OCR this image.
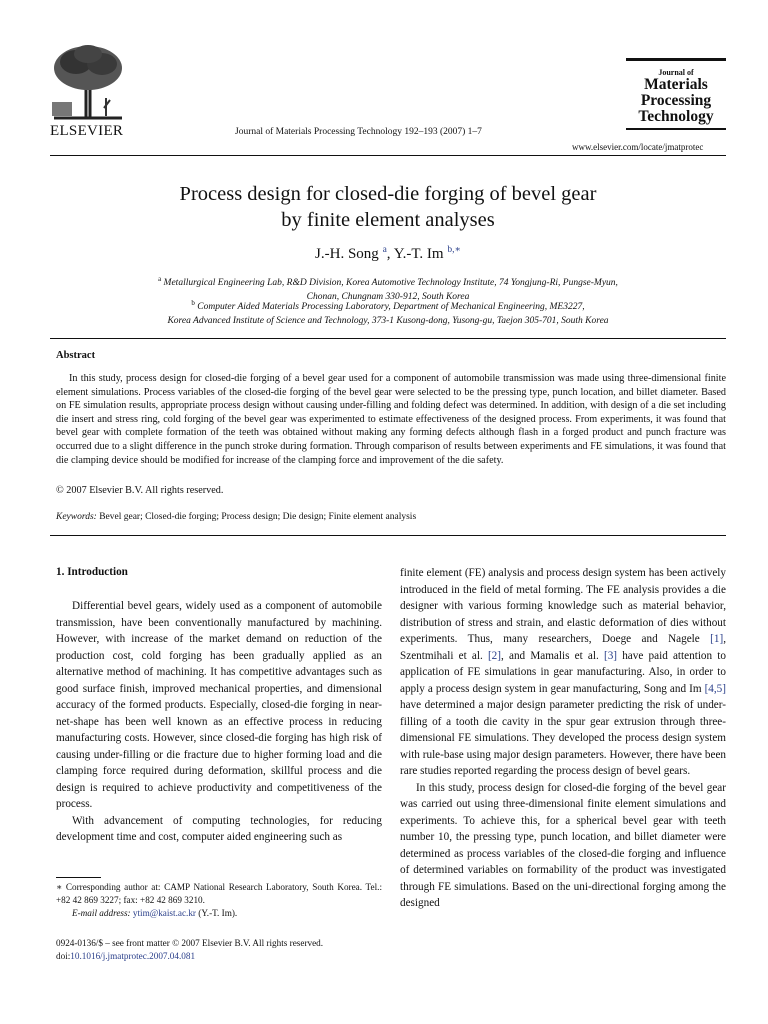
ELSEVIER	Journal of Materials Processing Technology 192–193 (2007) 1–7
Journal of
Materials
Processing
Technology
www.elsevier.com/locate/jmatprotec
Process design for closed-die forging of bevel gear
by finite element analyses
J.-H. Song $^a$, Y.-T. Im $^{b,∗}$
$^a$ Metallurgical Engineering Lab, R&D Division, Korea Automotive Technology Institute, 74 Yongjung-Ri, Pungse-Myun,
Chonan, Chungnam 330-912, South Korea
$^b$ Computer Aided Materials Processing Laboratory, Department of Mechanical Engineering, ME3227,
Korea Advanced Institute of Science and Technology, 373-1 Kusong-dong, Yusong-gu, Taejon 305-701, South Korea
Abstract

In this study, process design for closed-die forging of a bevel gear used for a component of automobile transmission was made using three-dimensional finite element simulations. Process variables of the closed-die forging of the bevel gear were selected to be the pressing type, punch location, and billet diameter. Based on FE simulation results, appropriate process design without causing under-filling and folding defect was determined. In addition, with design of a die set including die insert and stress ring, cold forging of the bevel gear was experimented to estimate effectiveness of the designed process. From experiments, it was found that bevel gear with complete formation of the teeth was obtained without making any forming defects although flash in a forged product and punch fracture was occurred due to a slight difference in the punch stroke during formation. Through comparison of results between experiments and FE simulations, it was found that die clamping device should be modified for increase of the clamping force and improvement of the die safety.

© 2007 Elsevier B.V. All rights reserved.
Keywords: Bevel gear; Closed-die forging; Process design; Die design; Finite element analysis
1. Introduction

Differential bevel gears, widely used as a component of automobile transmission, have been conventionally manufactured by machining. However, with increase of the market demand on reduction of the production cost, cold forging has been gradually applied as an alternative method of machining. It has competitive advantages such as good surface finish, improved mechanical properties, and dimensional accuracy of the formed products. Especially, closed-die forging in near-net-shape has been well known as an effective process in reducing manufacturing costs. However, since closed-die forging has high risk of causing under-filling or die fracture due to higher forming load and die clamping force required during deformation, skillful process and die design is required to achieve productivity and competitiveness of the process.

With advancement of computing technologies, for reducing development time and cost, computer aided engineering such as

finite element (FE) analysis and process design system has been actively introduced in the field of metal forming. The FE analysis provides a die designer with various forming knowledge such as material behavior, distribution of stress and strain, and elastic deformation of dies without experiments. Thus, many researchers, Doege and Nagele [1], Szentmihali et al. [2], and Mamalis et al. [3] have paid attention to application of FE simulations in gear manufacturing. Also, in order to apply a process design system in gear manufacturing, Song and Im [4,5] have determined a major design parameter predicting the risk of under-filling of a tooth die cavity in the spur gear extrusion through three-dimensional FE simulations. They developed the process design system with rule-base using major design parameters. However, there have been rare studies reported regarding the process design of bevel gears.

In this study, process design for closed-die forging of the bevel gear was carried out using three-dimensional finite element simulations and experiments. To achieve this, for a spherical bevel gear with teeth number 10, the pressing type, punch location, and billet diameter were determined as process variables of the closed-die forging and influence of determined variables on formability of the product was investigated through FE simulations. Based on the uni-directional forging among the designed

∗ Corresponding author at: CAMP National Research Laboratory, South Korea. Tel.: +82 42 869 3227; fax: +82 42 869 3210.
E-mail address: ytim@kaist.ac.kr (Y.-T. Im).
0924-0136/$ – see front matter © 2007 Elsevier B.V. All rights reserved.
doi:10.1016/j.jmatprotec.2007.04.081
